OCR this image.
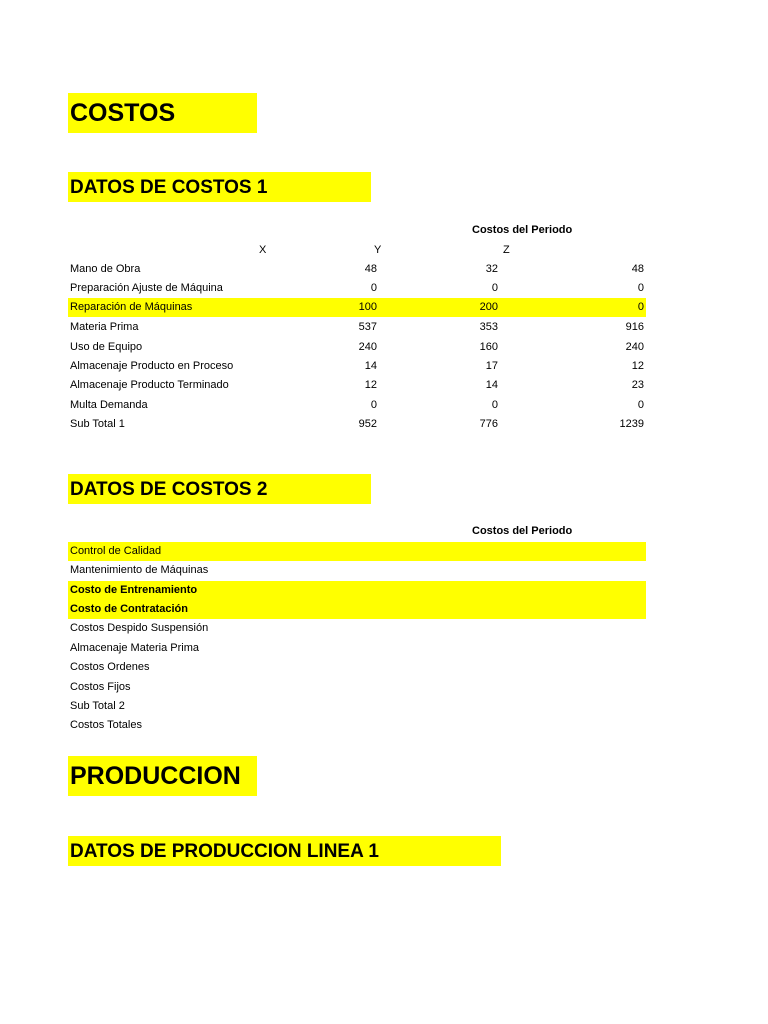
COSTOS
DATOS DE COSTOS 1
Costos del Periodo
X	Y	Z
Mano de Obra	48	32	48
Preparación Ajuste de Máquina	0	0	0
Reparación de Máquinas	100	200	0
Materia Prima	537	353	916
Uso de Equipo	240	160	240
Almacenaje Producto en Proceso	14	17	12
Almacenaje Producto Terminado	12	14	23
Multa Demanda	0	0	0
Sub Total 1	952	776	1239
DATOS DE COSTOS 2
Costos del Periodo
Control de Calidad
Mantenimiento de Máquinas
Costo de Entrenamiento
Costo de Contratación
Costos Despido Suspensión
Almacenaje Materia Prima
Costos Ordenes
Costos Fijos
Sub Total 2
Costos Totales
PRODUCCION
DATOS DE PRODUCCION LINEA 1
